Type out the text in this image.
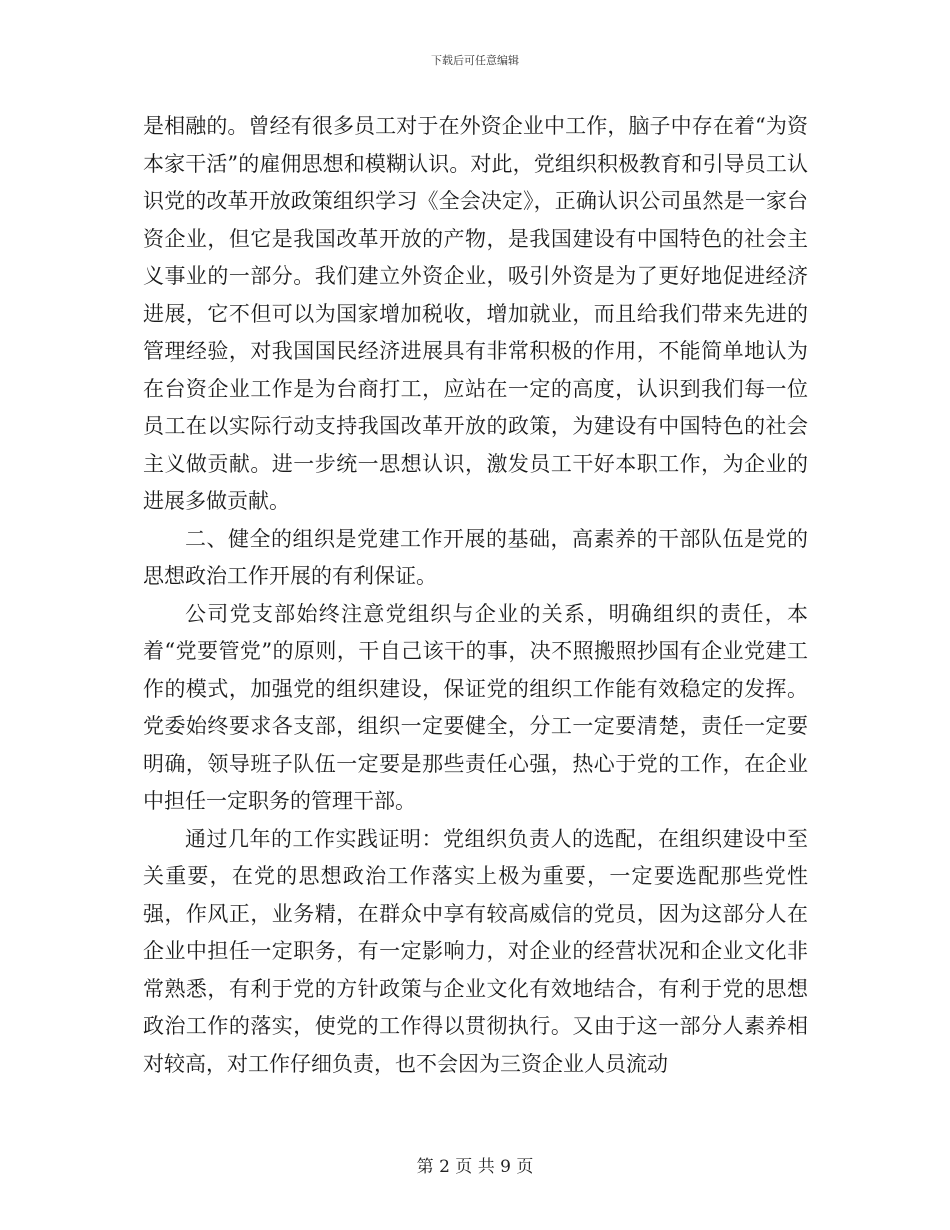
下载后可任意编辑

是相融的。曾经有很多员工对于在外资企业中工作，脑子中存在着“为资本家干活”的雇佣思想和模糊认识。对此，党组织积极教育和引导员工认识党的改革开放政策组织学习《全会决定》，正确认识公司虽然是一家台资企业，但它是我国改革开放的产物，是我国建设有中国特色的社会主义事业的一部分。我们建立外资企业，吸引外资是为了更好地促进经济进展，它不但可以为国家增加税收，增加就业，而且给我们带来先进的管理经验，对我国国民经济进展具有非常积极的作用，不能简单地认为在台资企业工作是为台商打工，应站在一定的高度，认识到我们每一位员工在以实际行动支持我国改革开放的政策，为建设有中国特色的社会主义做贡献。进一步统一思想认识，激发员工干好本职工作，为企业的进展多做贡献。

二、健全的组织是党建工作开展的基础，高素养的干部队伍是党的思想政治工作开展的有利保证。

公司党支部始终注意党组织与企业的关系，明确组织的责任，本着“党要管党”的原则，干自己该干的事，决不照搬照抄国有企业党建工作的模式，加强党的组织建设，保证党的组织工作能有效稳定的发挥。党委始终要求各支部，组织一定要健全，分工一定要清楚，责任一定要明确，领导班子队伍一定要是那些责任心强，热心于党的工作，在企业中担任一定职务的管理干部。

通过几年的工作实践证明：党组织负责人的选配，在组织建设中至关重要，在党的思想政治工作落实上极为重要，一定要选配那些党性强，作风正，业务精，在群众中享有较高威信的党员，因为这部分人在企业中担任一定职务，有一定影响力，对企业的经营状况和企业文化非常熟悉，有利于党的方针政策与企业文化有效地结合，有利于党的思想政治工作的落实，使党的工作得以贯彻执行。又由于这一部分人素养相对较高，对工作仔细负责，也不会因为三资企业人员流动

第 2 页 共 9 页
